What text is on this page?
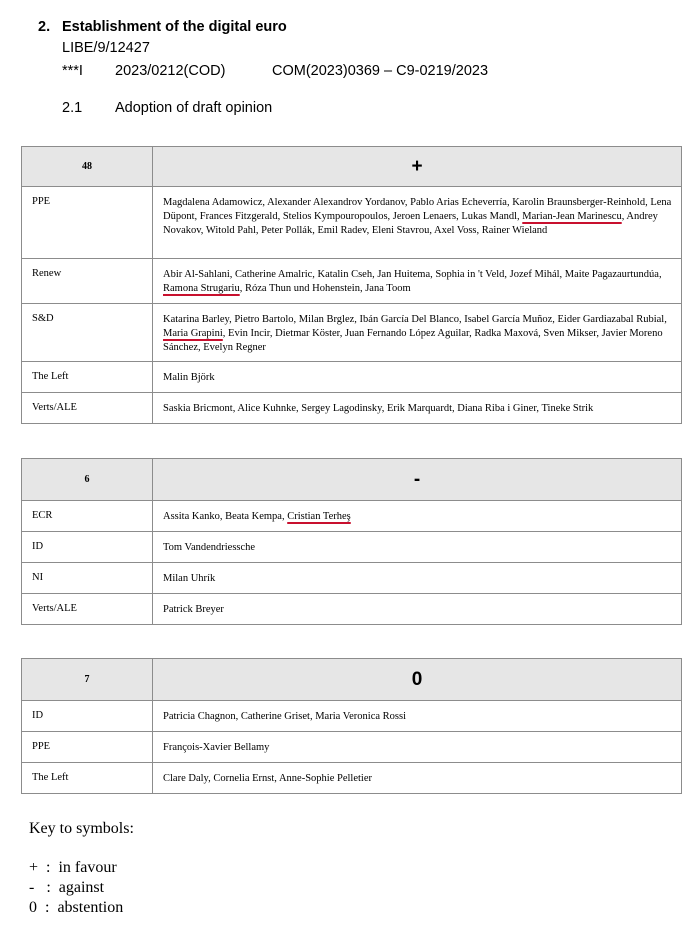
2. Establishment of the digital euro
LIBE/9/12427
***I 2023/0212(COD)	COM(2023)0369 – C9-0219/2023
2.1 Adoption of draft opinion
48	+
PPE	Magdalena Adamowicz, Alexander Alexandrov Yordanov, Pablo Arias Echeverría, Karolin Braunsberger-Reinhold, Lena Düpont, Frances Fitzgerald, Stelios Kympouropoulos, Jeroen Lenaers, Lukas Mandl, Marian-Jean Marinescu, Andrey Novakov, Witold Pahl, Peter Pollák, Emil Radev, Eleni Stavrou, Axel Voss, Rainer Wieland
Renew	Abir Al-Sahlani, Catherine Amalric, Katalin Cseh, Jan Huitema, Sophia in 't Veld, Jozef Mihál, Maite Pagazaurtundúa, Ramona Strugariu, Róza Thun und Hohenstein, Jana Toom
S&D	Katarina Barley, Pietro Bartolo, Milan Brglez, Ibán García Del Blanco, Isabel García Muñoz, Eider Gardiazabal Rubial, Maria Grapini, Evin Incir, Dietmar Köster, Juan Fernando López Aguilar, Radka Maxová, Sven Mikser, Javier Moreno Sánchez, Evelyn Regner
The Left	Malin Björk
Verts/ALE	Saskia Bricmont, Alice Kuhnke, Sergey Lagodinsky, Erik Marquardt, Diana Riba i Giner, Tineke Strik
6	-
ECR	Assita Kanko, Beata Kempa, Cristian Terheş
ID	Tom Vandendriessche
NI	Milan Uhrík
Verts/ALE	Patrick Breyer
7	0
ID	Patricia Chagnon, Catherine Griset, Maria Veronica Rossi
PPE	François-Xavier Bellamy
The Left	Clare Daly, Cornelia Ernst, Anne-Sophie Pelletier
Key to symbols:
+  :  in favour
-   :  against
0  :  abstention
